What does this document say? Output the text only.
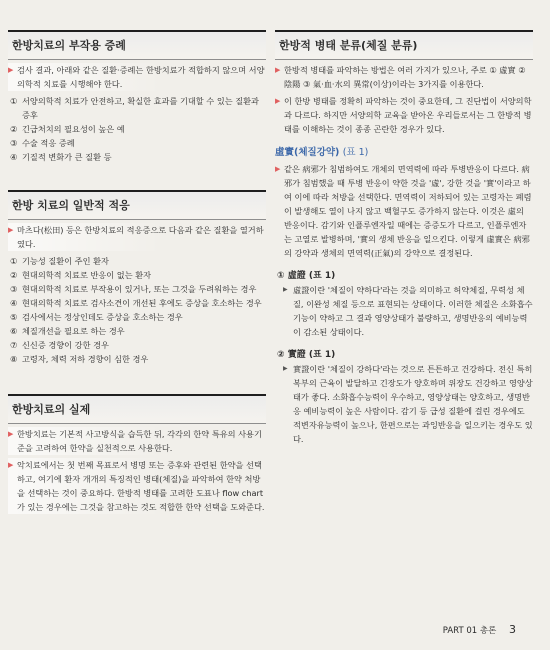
한방치료의 부작용 증례
▶ 검사 결과, 아래와 같은 질환·증례는 한방치료가 적합하지 않으며 서양의학적 치료를 시행해야 한다.
① 서양의학적 치료가 안전하고, 확실한 효과를 기대할 수 있는 질환과 증후
② 긴급처치의 필요성이 높은 예
③ 수술 적응 증례
④ 기질적 변화가 큰 질환 등
한방 치료의 일반적 적응
▶ 마츠다(松田) 등은 한방치료의 적응증으로 다음과 같은 질환을 열거하였다.
① 기능성 질환이 주인 환자
② 현대의학적 치료로 반응이 없는 환자
③ 현대의학적 치료로 부작용이 있거나, 또는 그것을 두려워하는 경우
④ 현대의학적 치료로 검사소견이 개선된 후에도 증상을 호소하는 경우
⑤ 검사에서는 정상인데도 증상을 호소하는 경우
⑥ 체질개선을 필요로 하는 경우
⑦ 신신증 경향이 강한 경우
⑧ 고령자, 체력 저하 경향이 심한 경우
한방치료의 실제
▶ 한방치료는 기본적 사고방식을 습득한 뒤, 각각의 한약 특유의 사용기준을 고려하여 한약을 실천적으로 사용한다.
▶ 악치료에서는 첫 번째 목표로서 병명 또는 증후와 관련된 한약을 선택하고, 여기에 환자 개개의 특징적인 병태(체질)을 파악하여 한약 처방을 선택하는 것이 중요하다. 한방적 병태를 고려한 도표나 flow chart가 있는 경우에는 그것을 참고하는 것도 적합한 한약 선택을 도와준다.
한방적 병태 분류(체질 분류)
▶ 한방적 병태를 파악하는 방법은 여러 가지가 있으나, 주로 ① 虛實 ② 陰陽 ③ 氣·血·水의 異常(이상)이라는 3가지를 이용한다.
▶ 이 한방 병태를 정확히 파악하는 것이 중요한데, 그 진단법이 서양의학과 다르다. 하지만 서양의학 교육을 받아온 우리들로서는 그 한방적 병태를 이해하는 것이 종종 곤란한 경우가 있다.
虛實(체질강약) (표 1)
▶ 같은 病邪가 침범하여도 개체의 면역력에 따라 투병반응이 다르다. 病邪가 침범했을 때 투병 반응이 약한 것을 '虛', 강한 것을 '實'이라고 하여 이에 따라 처방을 선택한다. 면역력이 저하되어 있는 고령자는 폐렴이 발생해도 열이 나지 않고 백혈구도 증가하지 않는다. 이것은 虛의 반응이다. 감기와 인플루엔자일 때에는 증증도가 다르고, 인플루엔자는 고열로 발병하며, '實의 생체 반응을 일으킨다. 이렇게 虛實은 病邪의 강약과 생체의 면역력(正氣)의 강약으로 결정된다.
① 虛證 (표 1)
▶ 虛證이란 '체질이 약하다'라는 것을 의미하고 허약체질, 무력성 체질, 이완성 체질 등으로 표현되는 상태이다. 이러한 체질은 소화흡수 기능이 약하고 그 결과 영양상태가 불량하고, 생명반응의 예비능력이 감소된 상태이다.
② 實證 (표 1)
▶ 實證이란 '체질이 강하다'라는 것으로 튼튼하고 건강하다. 전신 특히 복부의 근육이 발달하고 긴장도가 양호하며 위장도 건강하고 영양상태가 좋다. 소화흡수능력이 우수하고, 영양상태는 양호하고, 생명반응 예비능력이 높은 사람이다. 감기 등 급성 질환에 걸린 경우에도 적변자유능력이 높으나, 한편으로는 과잉반응을 일으키는 경우도 있다.
PART 01 총론 3
